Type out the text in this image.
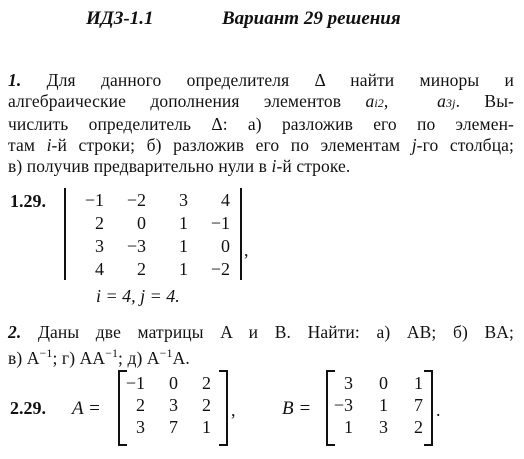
ИДЗ-1.1	Вариант 29 решения
1. Для данного определителя Δ найти миноры и
алгебраические дополнения элементов ai2,  a3j. Вы-
числить определитель Δ: а) разложив его по элемен-
там i-й строки; б) разложив его по элементам j-го столбца;
в) получив предварительно нули в i-й строке.
1.29.	−1	−2	3	4
2	0	1	−1
3	−3	1	0
4	2	1	−2
,
i = 4, j = 4.
2. Даны две матрицы A и B. Найти: а) AB; б) BA;
в) $A^{-1}$; г) $AA^{-1}$; д) $A^{-1}A$.
2.29. A =
−1	0	2
2	3	2
3	7	1
, B =
3	0	1
−3	1	7
1	3	2
.
